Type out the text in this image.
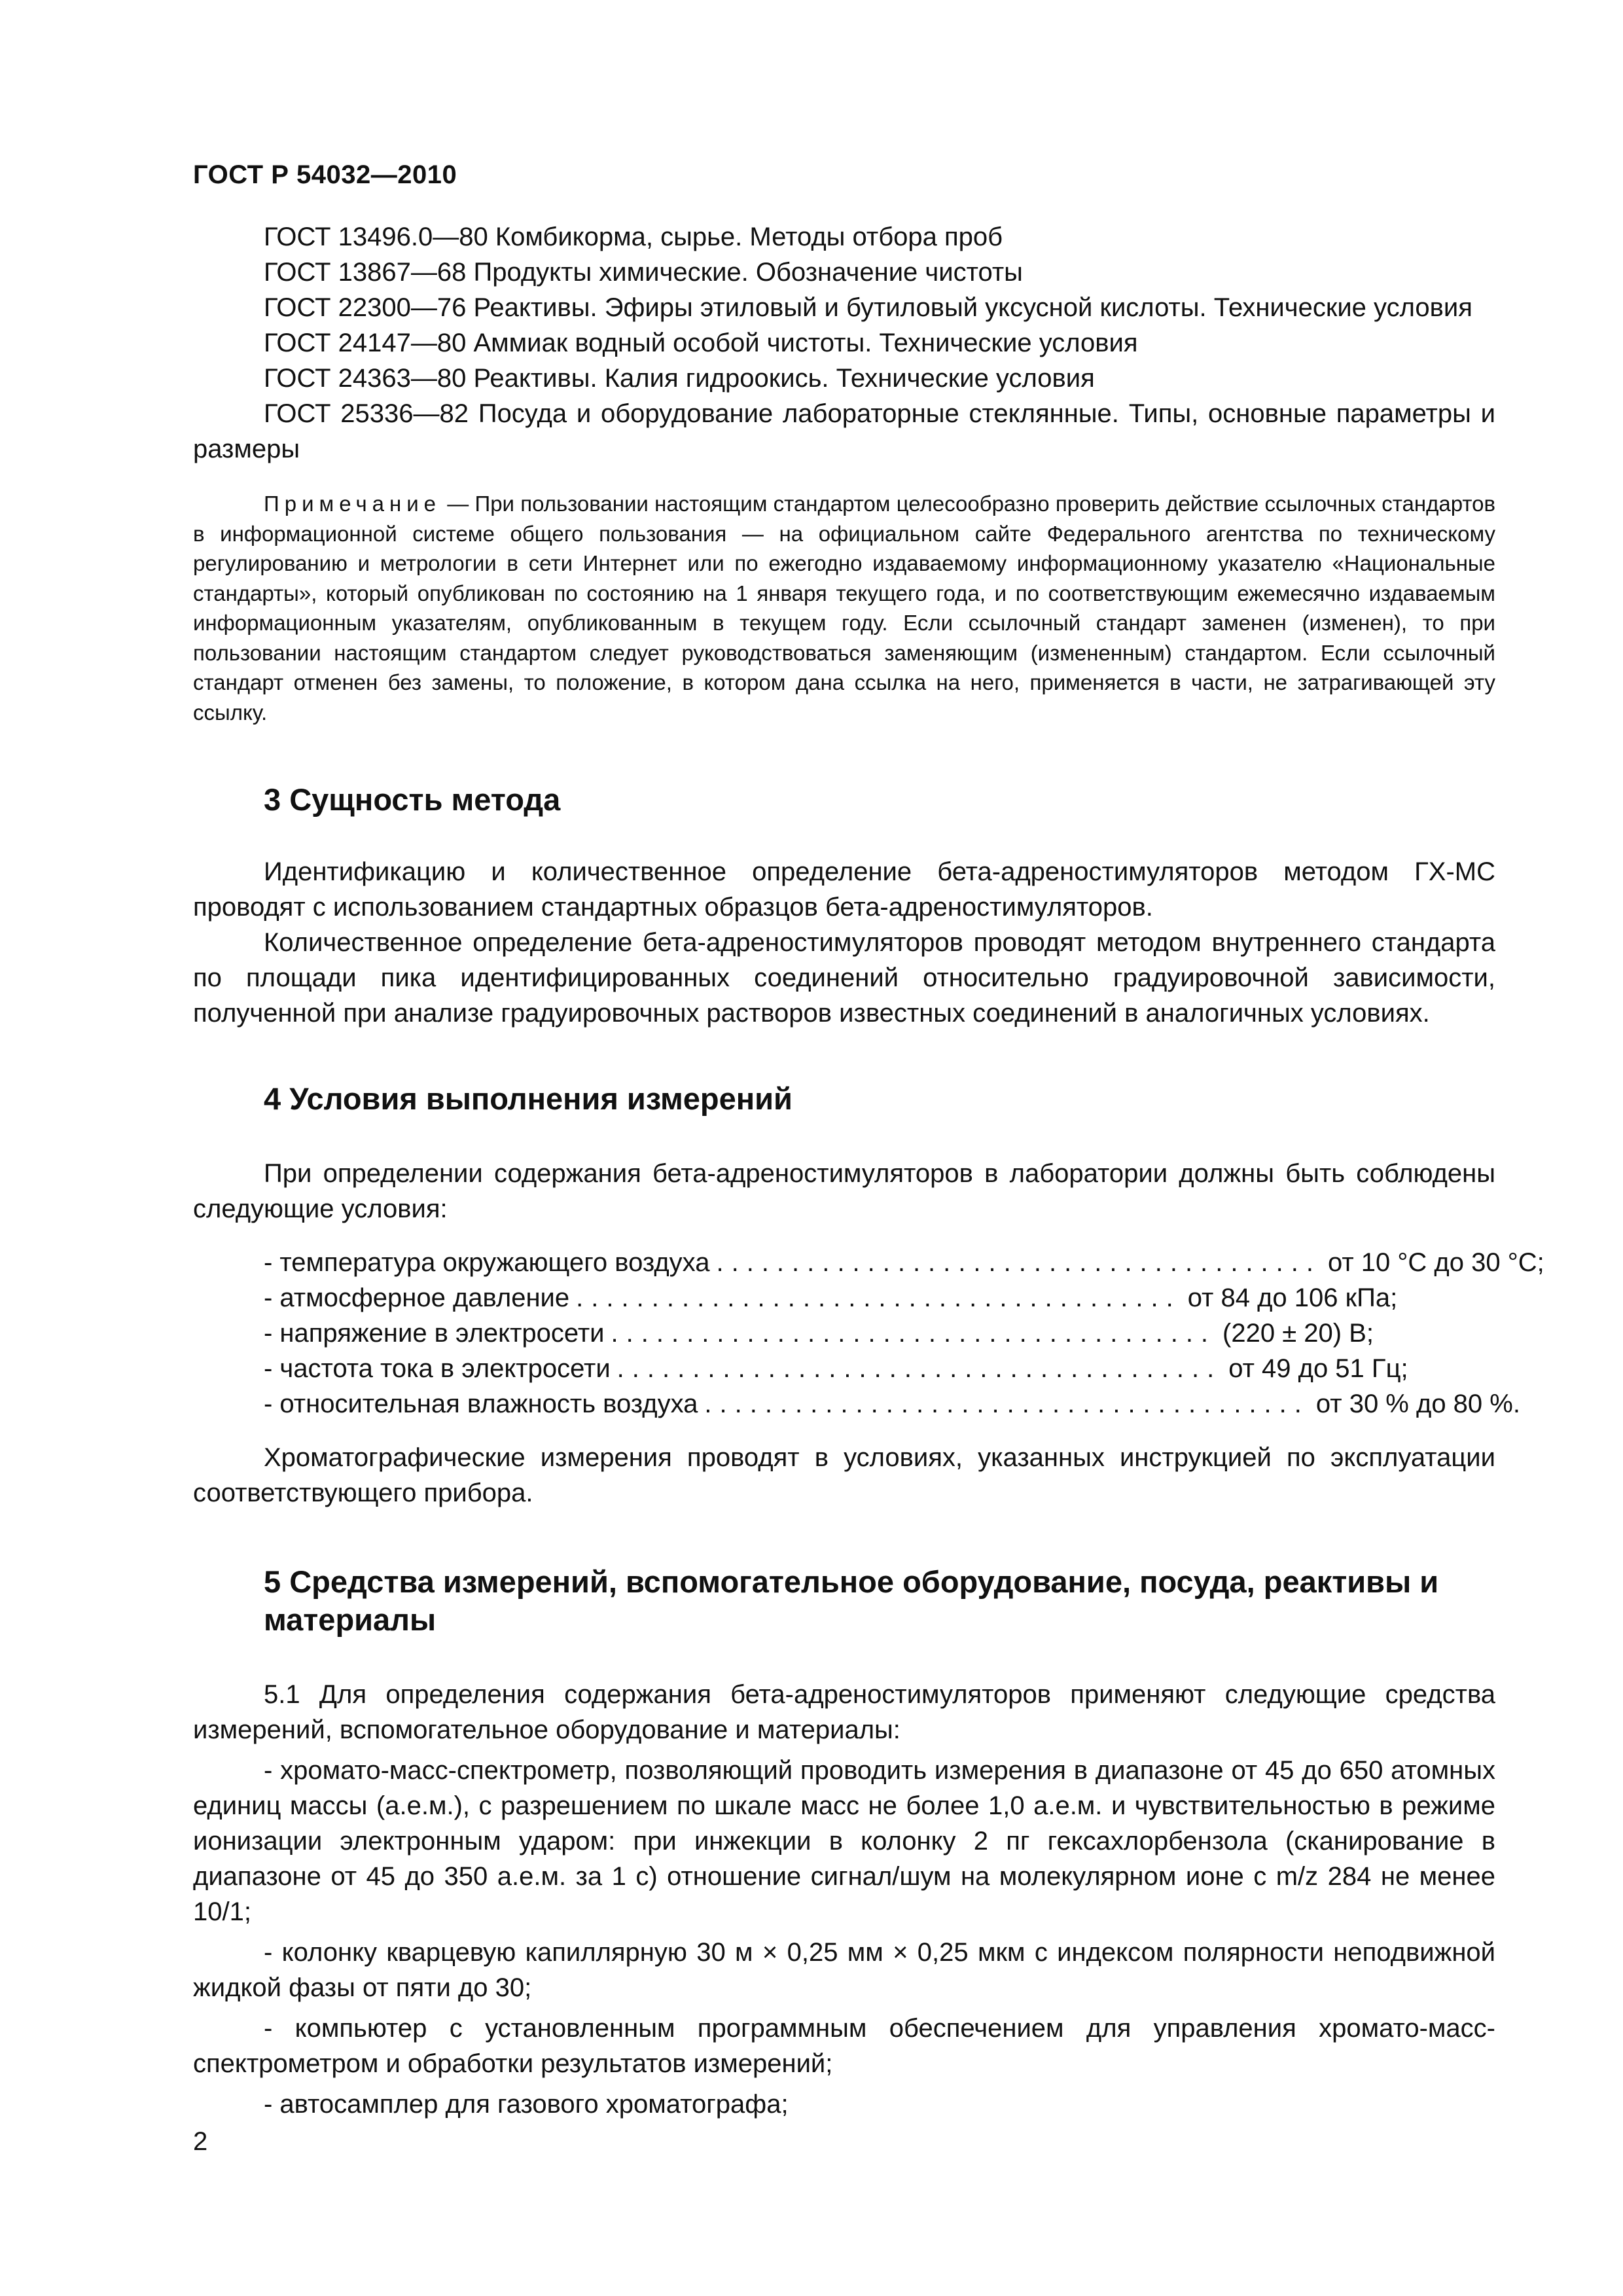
ГОСТ Р 54032—2010

ГОСТ 13496.0—80 Комбикорма, сырье. Методы отбора проб

ГОСТ 13867—68 Продукты химические. Обозначение чистоты

ГОСТ 22300—76 Реактивы. Эфиры этиловый и бутиловый уксусной кислоты. Технические условия

ГОСТ 24147—80 Аммиак водный особой чистоты. Технические условия

ГОСТ 24363—80 Реактивы. Калия гидроокись. Технические условия

ГОСТ 25336—82 Посуда и оборудование лабораторные стеклянные. Типы, основные параметры и размеры

Примечание — При пользовании настоящим стандартом целесообразно проверить действие ссылочных стандартов в информационной системе общего пользования — на официальном сайте Федерального агентства по техническому регулированию и метрологии в сети Интернет или по ежегодно издаваемому информационному указателю «Национальные стандарты», который опубликован по состоянию на 1 января текущего года, и по соответствующим ежемесячно издаваемым информационным указателям, опубликованным в текущем году. Если ссылочный стандарт заменен (изменен), то при пользовании настоящим стандартом следует руководствоваться заменяющим (измененным) стандартом. Если ссылочный стандарт отменен без замены, то положение, в котором дана ссылка на него, применяется в части, не затрагивающей эту ссылку.
3 Сущность метода

Идентификацию и количественное определение бета-адреностимуляторов методом ГХ-МС проводят с использованием стандартных образцов бета-адреностимуляторов.

Количественное определение бета-адреностимуляторов проводят методом внутреннего стандарта по площади пика идентифицированных соединений относительно градуировочной зависимости, полученной при анализе градуировочных растворов известных соединений в аналогичных условиях.

4 Условия выполнения измерений

При определении содержания бета-адреностимуляторов в лаборатории должны быть соблюдены следующие условия:

- температура окружающего воздуха ........................................ от 10 °С до 30 °С;
- атмосферное давление ........................................ от 84 до 106 кПа;
- напряжение в электросети ........................................ (220 ± 20) В;
- частота тока в электросети ........................................ от 49 до 51 Гц;
- относительная влажность воздуха ........................................ от 30 % до 80 %.

Хроматографические измерения проводят в условиях, указанных инструкцией по эксплуатации соответствующего прибора.

5 Средства измерений, вспомогательное оборудование, посуда, реактивы и материалы

5.1 Для определения содержания бета-адреностимуляторов применяют следующие средства измерений, вспомогательное оборудование и материалы:

- хромато-масс-спектрометр, позволяющий проводить измерения в диапазоне от 45 до 650 атомных единиц массы (а.е.м.), с разрешением по шкале масс не более 1,0 а.е.м. и чувствительностью в режиме ионизации электронным ударом: при инжекции в колонку 2 пг гексахлорбензола (сканирование в диапазоне от 45 до 350 а.е.м. за 1 с) отношение сигнал/шум на молекулярном ионе с m/z 284 не менее 10/1;

- колонку кварцевую капиллярную 30 м × 0,25 мм × 0,25 мкм с индексом полярности неподвижной жидкой фазы от пяти до 30;

- компьютер с установленным программным обеспечением для управления хромато-масс-спектрометром и обработки результатов измерений;

- автосамплер для газового хроматографа;

2
